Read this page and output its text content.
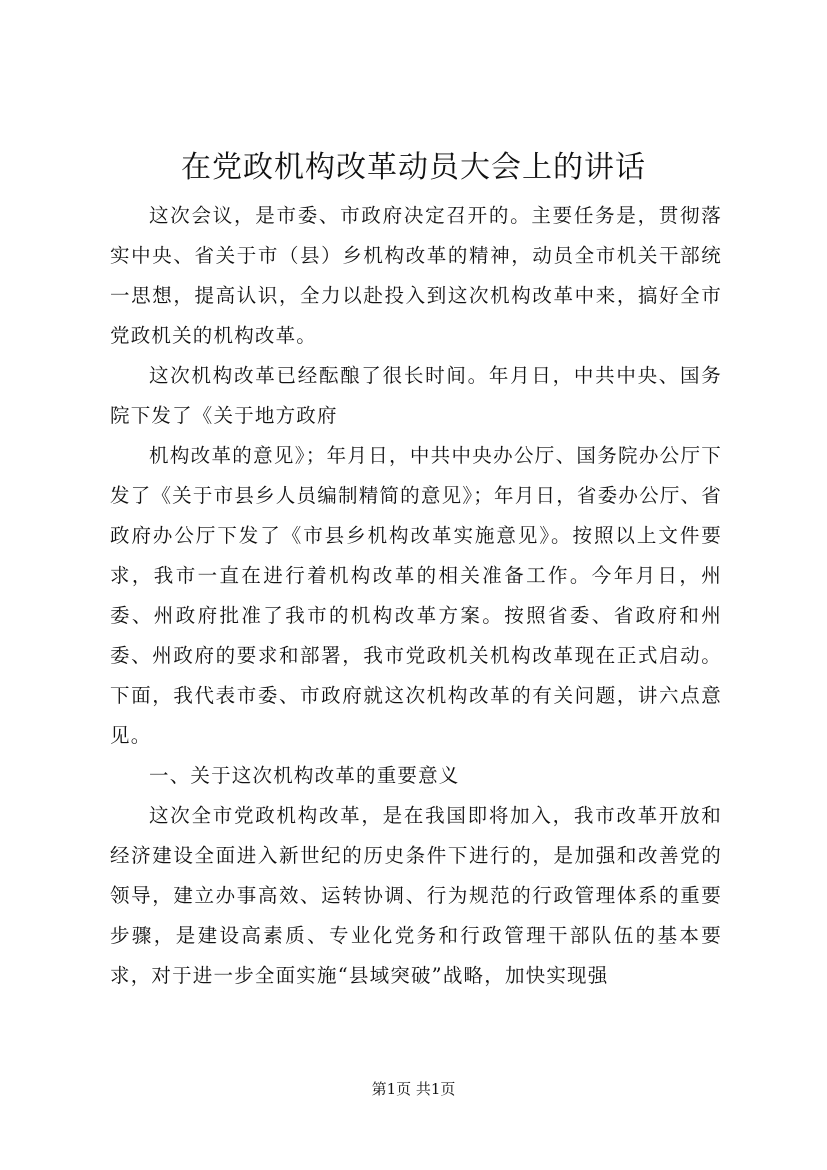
在党政机构改革动员大会上的讲话

这次会议，是市委、市政府决定召开的。主要任务是，贯彻落实中央、省关于市（县）乡机构改革的精神，动员全市机关干部统一思想，提高认识，全力以赴投入到这次机构改革中来，搞好全市党政机关的机构改革。

这次机构改革已经酝酿了很长时间。年月日，中共中央、国务院下发了《关于地方政府

机构改革的意见》；年月日，中共中央办公厅、国务院办公厅下发了《关于市县乡人员编制精简的意见》；年月日，省委办公厅、省政府办公厅下发了《市县乡机构改革实施意见》。按照以上文件要求，我市一直在进行着机构改革的相关准备工作。今年月日，州委、州政府批准了我市的机构改革方案。按照省委、省政府和州委、州政府的要求和部署，我市党政机关机构改革现在正式启动。下面，我代表市委、市政府就这次机构改革的有关问题，讲六点意见。

一、关于这次机构改革的重要意义

这次全市党政机构改革，是在我国即将加入，我市改革开放和经济建设全面进入新世纪的历史条件下进行的，是加强和改善党的领导，建立办事高效、运转协调、行为规范的行政管理体系的重要步骤，是建设高素质、专业化党务和行政管理干部队伍的基本要求，对于进一步全面实施“县域突破”战略，加快实现强

第1页 共1页
